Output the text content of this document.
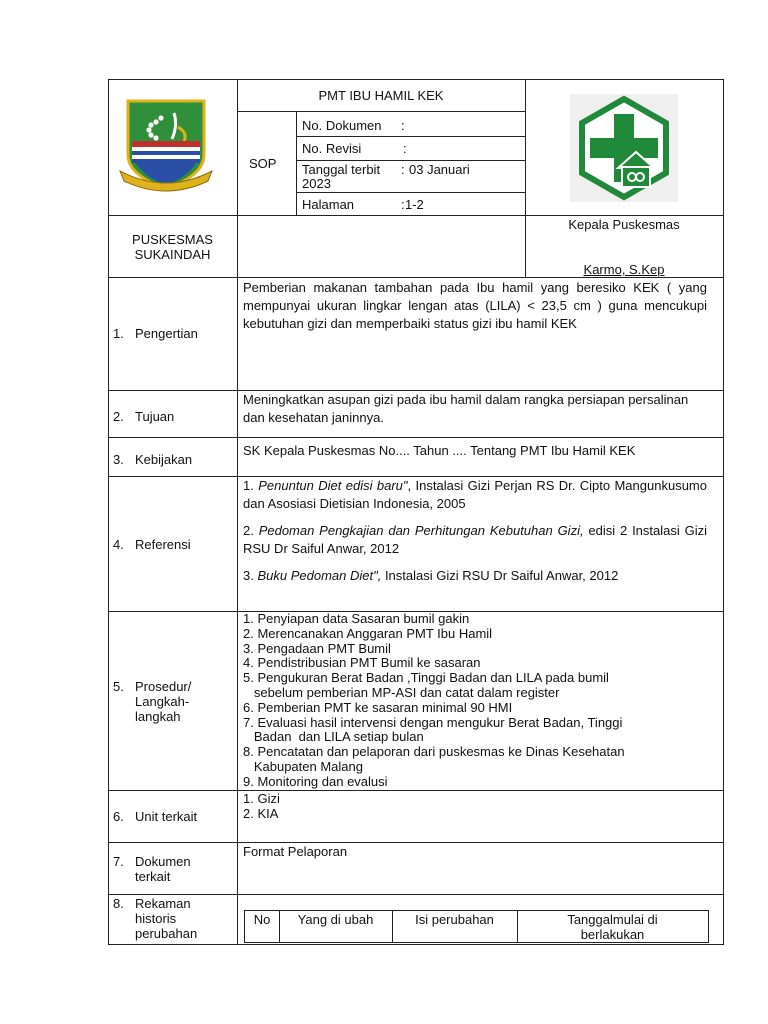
PMT IBU HAMIL KEK
SOP
No. Dokumen :
No. Revisi	:
Tanggal terbit : 03 Januari
2023
Halaman	: 1-2
PUSKESMAS
SUKAINDAH
Kepala Puskesmas
Karmo, S.Kep
1. Pengertian
Pemberian makanan tambahan pada Ibu hamil yang beresiko KEK ( yang mempunyai ukuran lingkar lengan atas (LILA) < 23,5 cm ) guna mencukupi kebutuhan gizi dan memperbaiki status gizi ibu hamil KEK
2. Tujuan
Meningkatkan asupan gizi pada ibu hamil dalam rangka persiapan persalinan dan kesehatan janinnya.
3. Kebijakan
SK Kepala Puskesmas No.... Tahun .... Tentang PMT Ibu Hamil KEK
4. Referensi
1. Penuntun Diet edisi baru", Instalasi Gizi Perjan RS Dr. Cipto Mangunkusumo dan Asosiasi Dietisian Indonesia, 2005
2. Pedoman Pengkajian dan Perhitungan Kebutuhan Gizi, edisi 2 Instalasi Gizi RSU Dr Saiful Anwar, 2012
3. Buku Pedoman Diet", Instalasi Gizi RSU Dr Saiful Anwar, 2012
5. Prosedur/
Langkah-
langkah
1. Penyiapan data Sasaran bumil gakin
2. Merencanakan Anggaran PMT Ibu Hamil
3. Pengadaan PMT Bumil
4. Pendistribusian PMT Bumil ke sasaran
5. Pengukuran Berat Badan ,Tinggi Badan dan LILA pada bumil
sebelum pemberian MP-ASI dan catat dalam register
6. Pemberian PMT ke sasaran minimal 90 HMI
7. Evaluasi hasil intervensi dengan mengukur Berat Badan, Tinggi
Badan  dan LILA setiap bulan
8. Pencatatan dan pelaporan dari puskesmas ke Dinas Kesehatan
Kabupaten Malang
9. Monitoring dan evalusi
6. Unit terkait
1. Gizi
2. KIA
7. Dokumen
terkait
Format Pelaporan
8. Rekaman
historis
perubahan
No	Yang di ubah	Isi perubahan	Tanggalmulai di
berlakukan
